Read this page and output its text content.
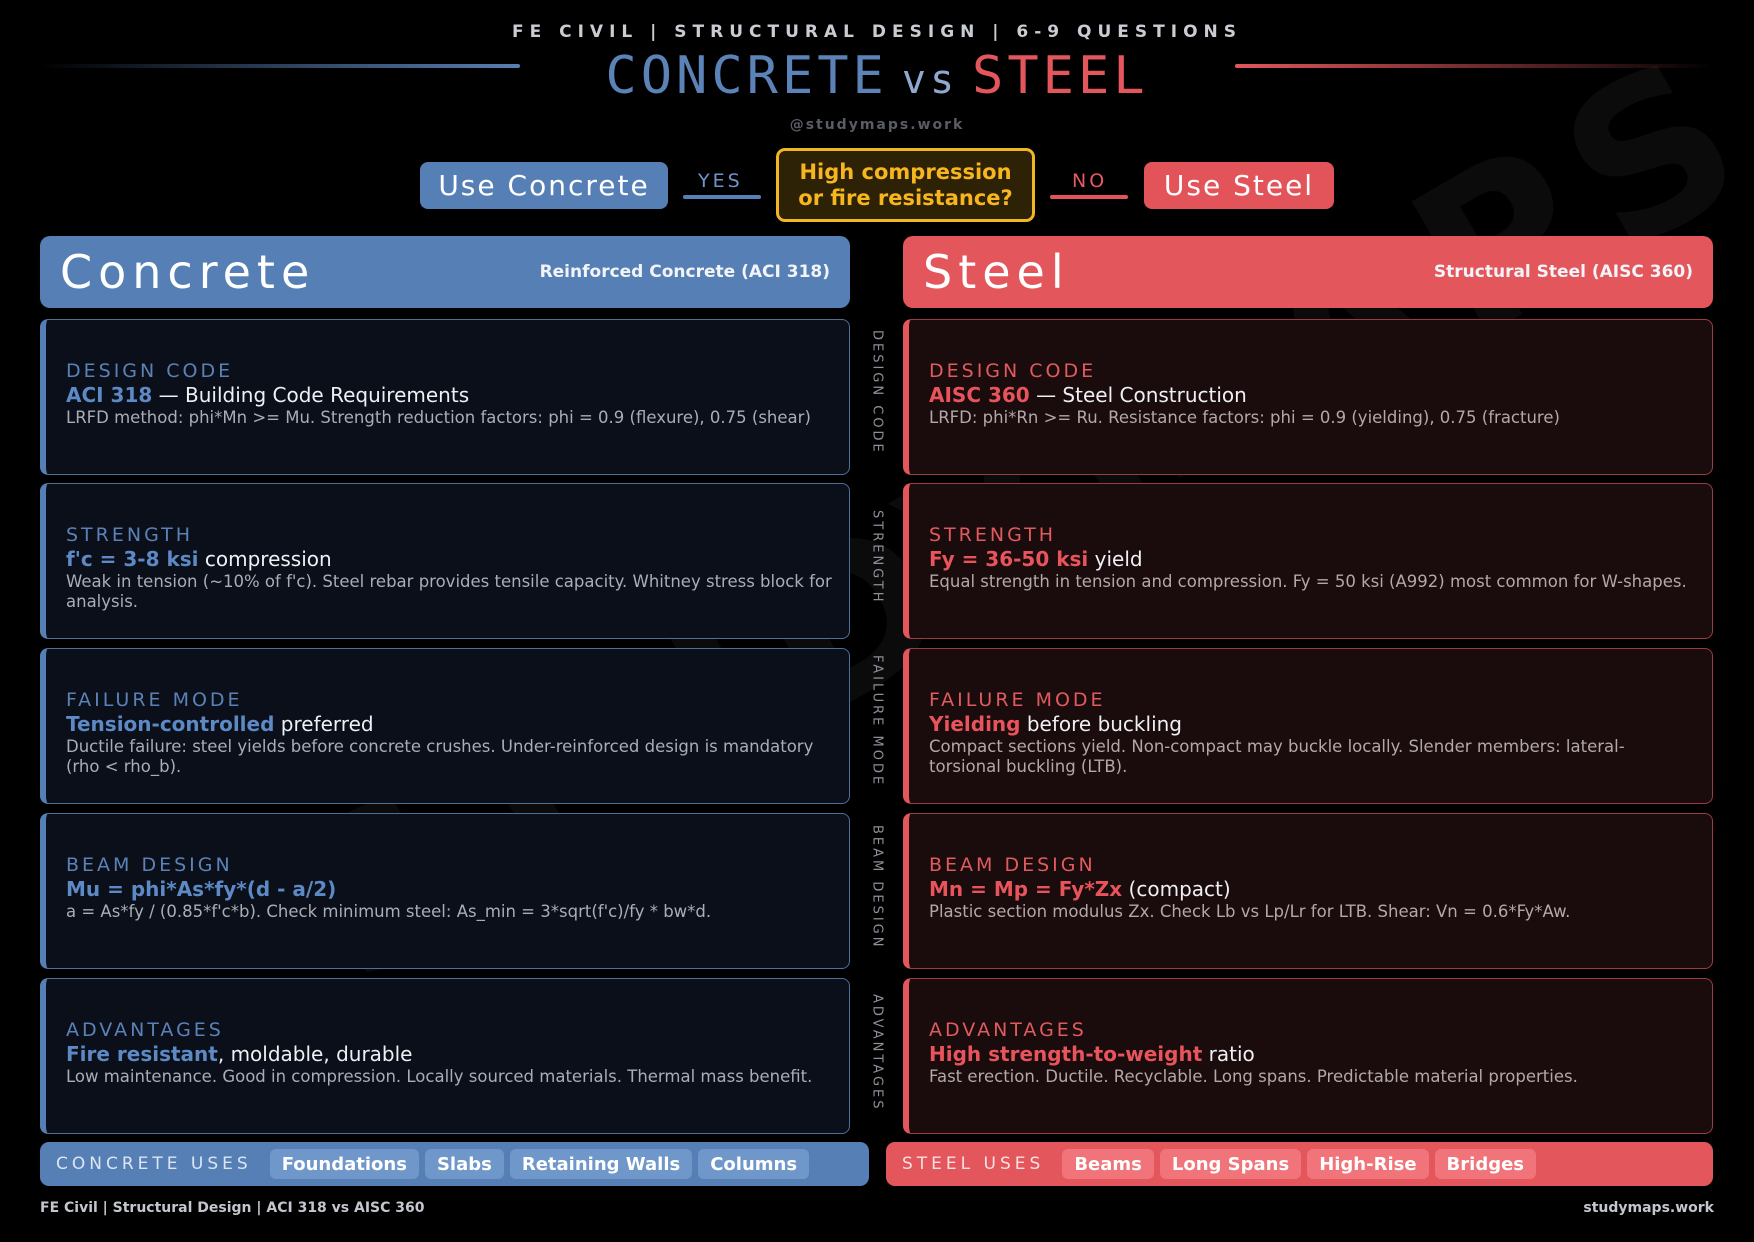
FE CIVIL | STRUCTURAL DESIGN | 6-9 QUESTIONS
CONCRETE vs STEEL
@studymaps.work
Use Concrete	YES	High compression
or fire resistance?
NO	Use Steel
Concrete	Reinforced Concrete (ACI 318) Steel	Structural Steel (AISC 360)
DESIGN CODE
ACI 318 — Building Code Requirements
LRFD method: phi*Mn >= Mu. Strength reduction factors: phi = 0.9 (flexure), 0.75 (shear)
STRENGTH
f'c = 3-8 ksi compression
Weak in tension (~10% of f'c). Steel rebar provides tensile capacity. Whitney stress block for analysis.
FAILURE MODE
Tension-controlled preferred
Ductile failure: steel yields before concrete crushes. Under-reinforced design is mandatory (rho < rho_b).
BEAM DESIGN
Mu = phi*As*fy*(d - a/2)
a = As*fy / (0.85*f'c*b). Check minimum steel: As_min = 3*sqrt(f'c)/fy * bw*d.
ADVANTAGES
Fire resistant, moldable, durable
Low maintenance. Good in compression. Locally sourced materials. Thermal mass benefit.
DESIGN CODE
STRENGTH
FAILURE MODE
BEAM DESIGN
ADVANTAGES
DESIGN CODE
AISC 360 — Steel Construction
LRFD: phi*Rn >= Ru. Resistance factors: phi = 0.9 (yielding), 0.75 (fracture)
STRENGTH
Fy = 36-50 ksi yield
Equal strength in tension and compression. Fy = 50 ksi (A992) most common for W-shapes.
FAILURE MODE
Yielding before buckling
Compact sections yield. Non-compact may buckle locally. Slender members: lateral-torsional buckling (LTB).
BEAM DESIGN
Mn = Mp = Fy*Zx (compact)
Plastic section modulus Zx. Check Lb vs Lp/Lr for LTB. Shear: Vn = 0.6*Fy*Aw.
ADVANTAGES
High strength-to-weight ratio
Fast erection. Ductile. Recyclable. Long spans. Predictable material properties.
CONCRETE USES	Foundations	Slabs	Retaining Walls	Columns	STEEL USES	Beams	Long Spans	High-Rise	Bridges
FE Civil | Structural Design | ACI 318 vs AISC 360	studymaps.work
